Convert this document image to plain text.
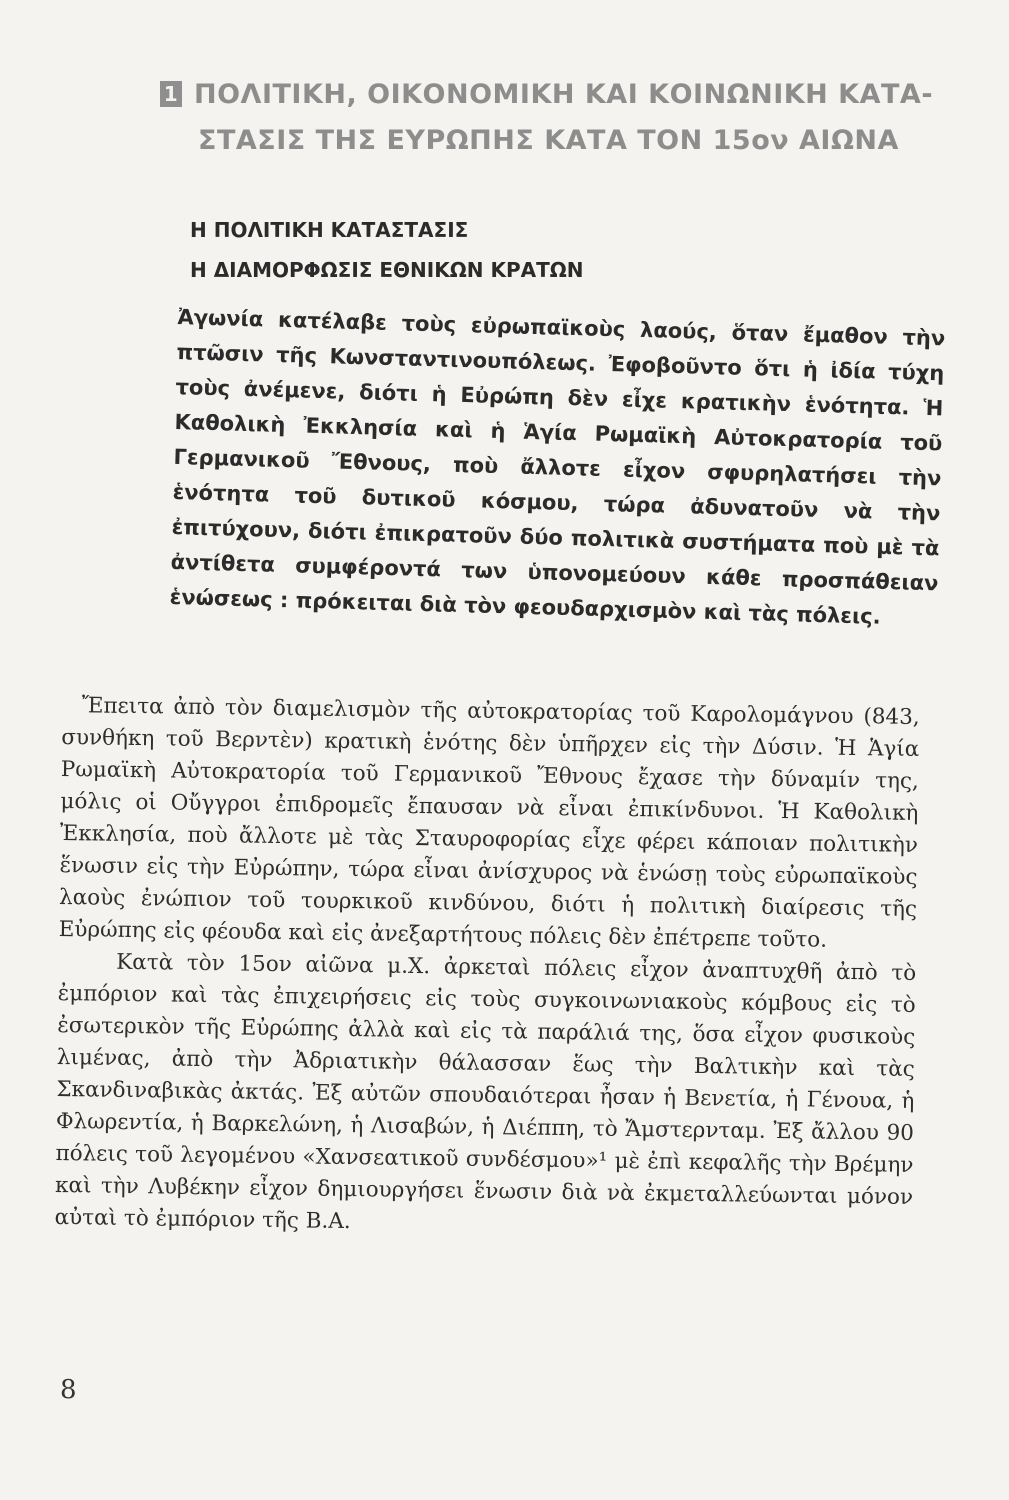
1 ΠΟΛΙΤΙΚΗ, ΟΙΚΟΝΟΜΙΚΗ ΚΑΙ ΚΟΙΝΩΝΙΚΗ ΚΑΤΑ-
ΣΤΑΣΙΣ ΤΗΣ ΕΥΡΩΠΗΣ ΚΑΤΑ ΤΟΝ 15ον ΑΙΩΝΑ
Η ΠΟΛΙΤΙΚΗ ΚΑΤΑΣΤΑΣΙΣ
Η ΔΙΑΜΟΡΦΩΣΙΣ ΕΘΝΙΚΩΝ ΚΡΑΤΩΝ
Ἀγωνία κατέλαβε τοὺς εὐρωπαϊκοὺς λαούς, ὅταν ἔμαθον τὴν πτῶσιν τῆς Κωνσταντινουπόλεως. Ἐφοβοῦντο ὅτι ἡ ἰδία τύχη τοὺς ἀνέμενε, διότι ἡ Εὐρώπη δὲν εἶχε κρατικὴν ἑνότητα. Ἡ Καθολικὴ Ἐκκλησία καὶ ἡ Ἁγία Ρωμαϊκὴ Αὐτοκρατορία τοῦ Γερμανικοῦ Ἔθνους, ποὺ ἄλλοτε εἶχον σφυρηλατήσει τὴν ἑνότητα τοῦ δυτικοῦ κόσμου, τώρα ἀδυνατοῦν νὰ τὴν ἐπιτύχουν, διότι ἐπικρατοῦν δύο πολιτικὰ συστήματα ποὺ μὲ τὰ ἀντίθετα συμφέροντά των ὑπονομεύουν κάθε προσπάθειαν ἑνώσεως : πρόκειται διὰ τὸν φεουδαρχισμὸν καὶ τὰς πόλεις.

Ἔπειτα ἀπὸ τὸν διαμελισμὸν τῆς αὐτοκρατορίας τοῦ Καρολομάγνου (843, συνθήκη τοῦ Βερντὲν) κρατικὴ ἑνότης δὲν ὑπῆρχεν εἰς τὴν Δύσιν. Ἡ Ἁγία Ρωμαϊκὴ Αὐτοκρατορία τοῦ Γερμανικοῦ Ἔθνους ἔχασε τὴν δύναμίν της, μόλις οἱ Οὔγγροι ἐπιδρομεῖς ἔπαυσαν νὰ εἶναι ἐπικίνδυνοι. Ἡ Καθολικὴ Ἐκκλησία, ποὺ ἄλλοτε μὲ τὰς Σταυροφορίας εἶχε φέρει κάποιαν πολιτικὴν ἕνωσιν εἰς τὴν Εὐρώπην, τώρα εἶναι ἀνίσχυρος νὰ ἑνώσῃ τοὺς εὐρωπαϊκοὺς λαοὺς ἐνώπιον τοῦ τουρκικοῦ κινδύνου, διότι ἡ πολιτικὴ διαίρεσις τῆς Εὐρώπης εἰς φέουδα καὶ εἰς ἀνεξαρτήτους πόλεις δὲν ἐπέτρεπε τοῦτο.

Κατὰ τὸν 15ον αἰῶνα μ.Χ. ἀρκεταὶ πόλεις εἶχον ἀναπτυχθῆ ἀπὸ τὸ ἐμπόριον καὶ τὰς ἐπιχειρήσεις εἰς τοὺς συγκοινωνιακοὺς κόμβους εἰς τὸ ἐσωτερικὸν τῆς Εὐρώπης ἀλλὰ καὶ εἰς τὰ παράλιά της, ὅσα εἶχον φυσικοὺς λιμένας, ἀπὸ τὴν Ἀδριατικὴν θάλασσαν ἕως τὴν Βαλτικὴν καὶ τὰς Σκανδιναβικὰς ἀκτάς. Ἐξ αὐτῶν σπουδαιότεραι ἦσαν ἡ Βενετία, ἡ Γένουα, ἡ Φλωρεντία, ἡ Βαρκελώνη, ἡ Λισαβών, ἡ Διέππη, τὸ Ἄμστερνταμ. Ἐξ ἄλλου 90 πόλεις τοῦ λεγομένου «Χανσεατικοῦ συνδέσμου»¹ μὲ ἐπὶ κεφαλῆς τὴν Βρέμην καὶ τὴν Λυβέκην εἶχον δημιουργήσει ἕνωσιν διὰ νὰ ἐκμεταλλεύωνται μόνον αὐταὶ τὸ ἐμπόριον τῆς Β.Α.

8
